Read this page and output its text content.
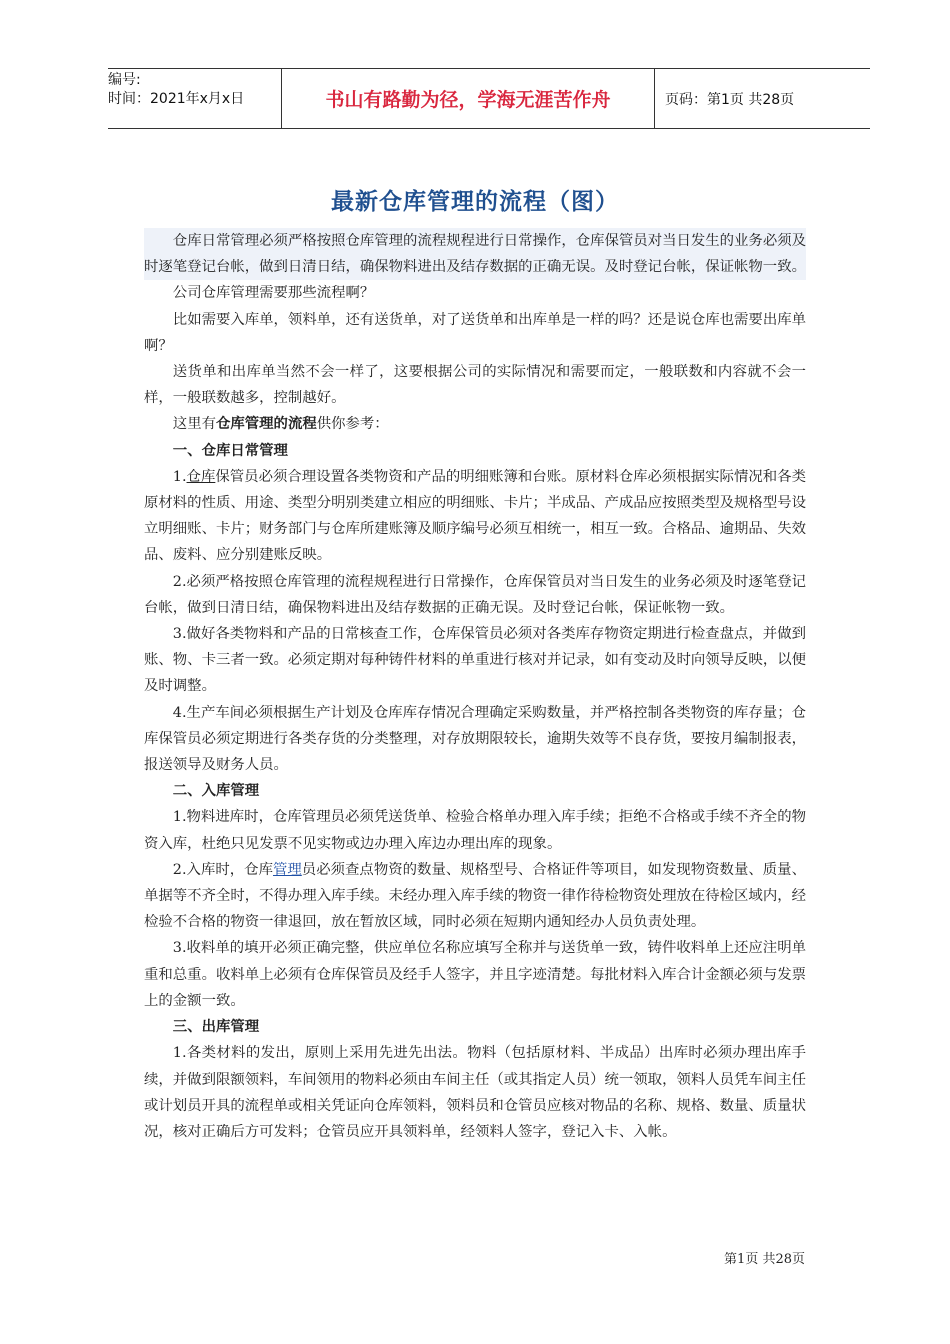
编号:
时间：2021年x月x日	书山有路勤为径，学海无涯苦作舟	页码：第1页 共28页
最新仓库管理的流程（图）

仓库日常管理必须严格按照仓库管理的流程规程进行日常操作，仓库保管员对当日发生的业务必须及时逐笔登记台帐，做到日清日结，确保物料进出及结存数据的正确无误。及时登记台帐，保证帐物一致。

公司仓库管理需要那些流程啊？

比如需要入库单，领料单，还有送货单，对了送货单和出库单是一样的吗？还是说仓库也需要出库单啊？

送货单和出库单当然不会一样了，这要根据公司的实际情况和需要而定，一般联数和内容就不会一样，一般联数越多，控制越好。

这里有仓库管理的流程供你参考：

一、仓库日常管理

1.仓库保管员必须合理设置各类物资和产品的明细账簿和台账。原材料仓库必须根据实际情况和各类原材料的性质、用途、类型分明别类建立相应的明细账、卡片；半成品、产成品应按照类型及规格型号设立明细账、卡片；财务部门与仓库所建账簿及顺序编号必须互相统一，相互一致。合格品、逾期品、失效品、废料、应分别建账反映。

2.必须严格按照仓库管理的流程规程进行日常操作，仓库保管员对当日发生的业务必须及时逐笔登记台帐，做到日清日结，确保物料进出及结存数据的正确无误。及时登记台帐，保证帐物一致。

3.做好各类物料和产品的日常核查工作，仓库保管员必须对各类库存物资定期进行检查盘点，并做到账、物、卡三者一致。必须定期对每种铸件材料的单重进行核对并记录，如有变动及时向领导反映，以便及时调整。

4.生产车间必须根据生产计划及仓库库存情况合理确定采购数量，并严格控制各类物资的库存量；仓库保管员必须定期进行各类存货的分类整理，对存放期限较长，逾期失效等不良存货，要按月编制报表，报送领导及财务人员。

二、入库管理

1.物料进库时，仓库管理员必须凭送货单、检验合格单办理入库手续；拒绝不合格或手续不齐全的物资入库，杜绝只见发票不见实物或边办理入库边办理出库的现象。

2.入库时，仓库管理员必须查点物资的数量、规格型号、合格证件等项目，如发现物资数量、质量、单据等不齐全时，不得办理入库手续。未经办理入库手续的物资一律作待检物资处理放在待检区域内，经检验不合格的物资一律退回，放在暂放区域，同时必须在短期内通知经办人员负责处理。

3.收料单的填开必须正确完整，供应单位名称应填写全称并与送货单一致，铸件收料单上还应注明单重和总重。收料单上必须有仓库保管员及经手人签字，并且字迹清楚。每批材料入库合计金额必须与发票上的金额一致。

三、出库管理

1.各类材料的发出，原则上采用先进先出法。物料（包括原材料、半成品）出库时必须办理出库手续，并做到限额领料，车间领用的物料必须由车间主任（或其指定人员）统一领取，领料人员凭车间主任或计划员开具的流程单或相关凭证向仓库领料，领料员和仓管员应核对物品的名称、规格、数量、质量状况，核对正确后方可发料；仓管员应开具领料单，经领料人签字，登记入卡、入帐。

第1页 共28页
